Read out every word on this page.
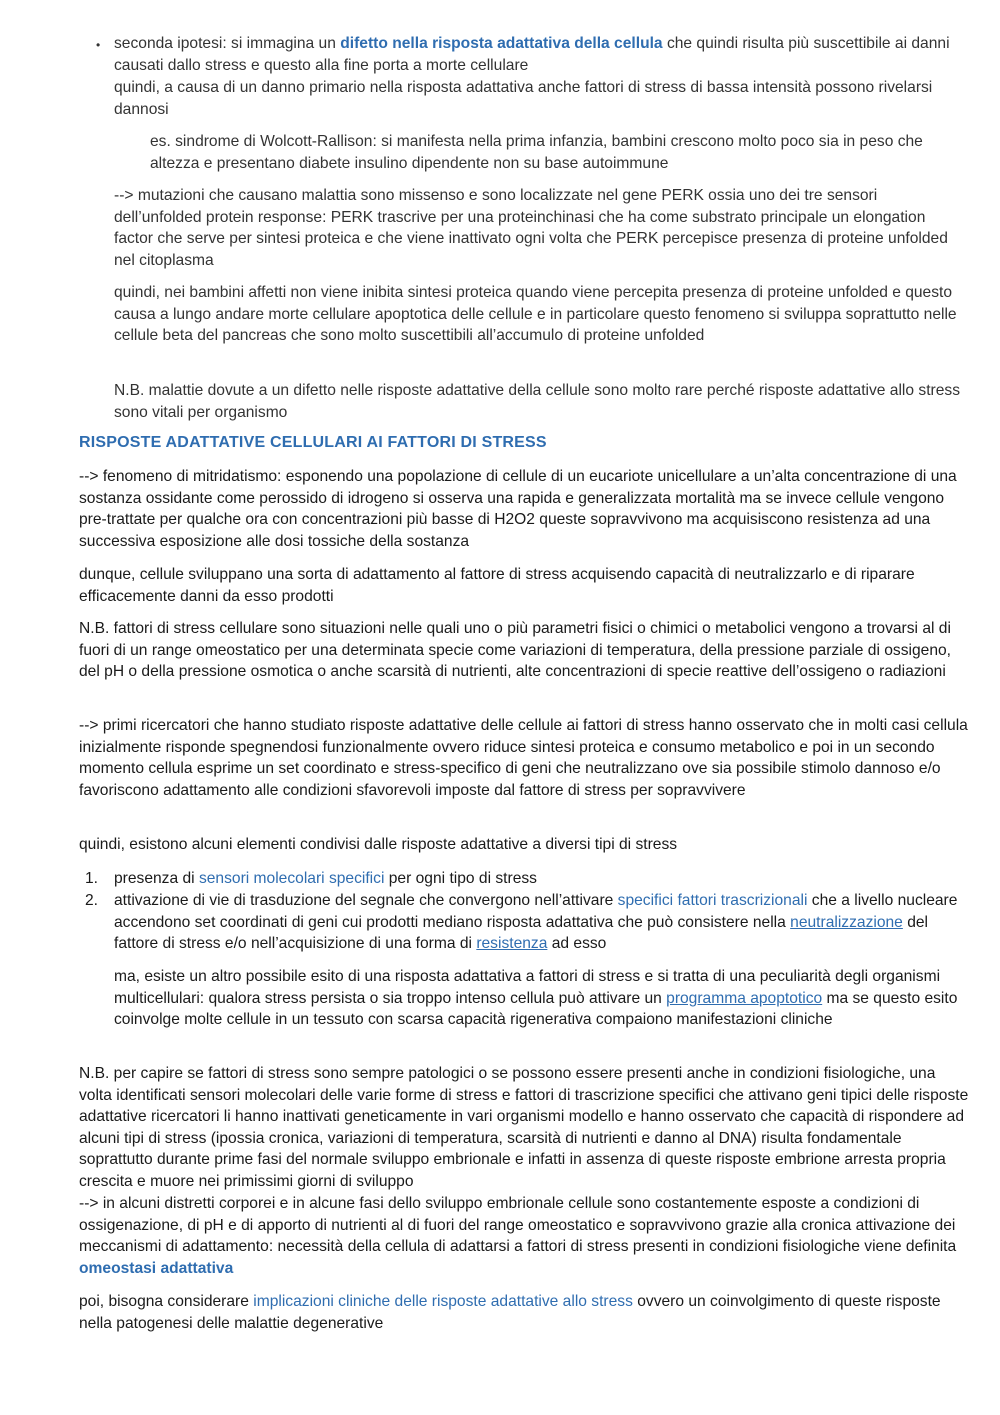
• seconda ipotesi: si immagina un difetto nella risposta adattativa della cellula che quindi risulta più suscettibile ai danni causati dallo stress e questo alla fine porta a morte cellulare

quindi, a causa di un danno primario nella risposta adattativa anche fattori di stress di bassa intensità possono rivelarsi dannosi

es. sindrome di Wolcott-Rallison: si manifesta nella prima infanzia, bambini crescono molto poco sia in peso che altezza e presentano diabete insulino dipendente non su base autoimmune

--> mutazioni che causano malattia sono missenso e sono localizzate nel gene PERK ossia uno dei tre sensori dell’unfolded protein response: PERK trascrive per una proteinchinasi che ha come substrato principale un elongation factor che serve per sintesi proteica e che viene inattivato ogni volta che PERK percepisce presenza di proteine unfolded nel citoplasma

quindi, nei bambini affetti non viene inibita sintesi proteica quando viene percepita presenza di proteine unfolded e questo causa a lungo andare morte cellulare apoptotica delle cellule e in particolare questo fenomeno si sviluppa soprattutto nelle cellule beta del pancreas che sono molto suscettibili all’accumulo di proteine unfolded

N.B. malattie dovute a un difetto nelle risposte adattative della cellule sono molto rare perché risposte adattative allo stress sono vitali per organismo

RISPOSTE ADATTATIVE CELLULARI AI FATTORI DI STRESS

--> fenomeno di mitridatismo: esponendo una popolazione di cellule di un eucariote unicellulare a un’alta concentrazione di una sostanza ossidante come perossido di idrogeno si osserva una rapida e generalizzata mortalità ma se invece cellule vengono pre-trattate per qualche ora con concentrazioni più basse di H2O2 queste sopravvivono ma acquisiscono resistenza ad una successiva esposizione alle dosi tossiche della sostanza

dunque, cellule sviluppano una sorta di adattamento al fattore di stress acquisendo capacità di neutralizzarlo e di riparare efficacemente danni da esso prodotti

N.B. fattori di stress cellulare sono situazioni nelle quali uno o più parametri fisici o chimici o metabolici vengono a trovarsi al di fuori di un range omeostatico per una determinata specie come variazioni di temperatura, della pressione parziale di ossigeno, del pH o della pressione osmotica o anche scarsità di nutrienti, alte concentrazioni di specie reattive dell’ossigeno o radiazioni

--> primi ricercatori che hanno studiato risposte adattative delle cellule ai fattori di stress hanno osservato che in molti casi cellula inizialmente risponde spegnendosi funzionalmente ovvero riduce sintesi proteica e consumo metabolico e poi in un secondo momento cellula esprime un set coordinato e stress-specifico di geni che neutralizzano ove sia possibile stimolo dannoso e/o favoriscono adattamento alle condizioni sfavorevoli imposte dal fattore di stress per sopravvivere

quindi, esistono alcuni elementi condivisi dalle risposte adattative a diversi tipi di stress

1. presenza di sensori molecolari specifici per ogni tipo di stress

2. attivazione di vie di trasduzione del segnale che convergono nell’attivare specifici fattori trascrizionali che a livello nucleare accendono set coordinati di geni cui prodotti mediano risposta adattativa che può consistere nella neutralizzazione del fattore di stress e/o nell’acquisizione di una forma di resistenza ad esso

ma, esiste un altro possibile esito di una risposta adattativa a fattori di stress e si tratta di una peculiarità degli organismi multicellulari: qualora stress persista o sia troppo intenso cellula può attivare un programma apoptotico ma se questo esito coinvolge molte cellule in un tessuto con scarsa capacità rigenerativa compaiono manifestazioni cliniche

N.B. per capire se fattori di stress sono sempre patologici o se possono essere presenti anche in condizioni fisiologiche, una volta identificati sensori molecolari delle varie forme di stress e fattori di trascrizione specifici che attivano geni tipici delle risposte adattative ricercatori li hanno inattivati geneticamente in vari organismi modello e hanno osservato che capacità di rispondere ad alcuni tipi di stress (ipossia cronica, variazioni di temperatura, scarsità di nutrienti e danno al DNA) risulta fondamentale soprattutto durante prime fasi del normale sviluppo embrionale e infatti in assenza di queste risposte embrione arresta propria crescita e muore nei primissimi giorni di sviluppo

--> in alcuni distretti corporei e in alcune fasi dello sviluppo embrionale cellule sono costantemente esposte a condizioni di ossigenazione, di pH e di apporto di nutrienti al di fuori del range omeostatico e sopravvivono grazie alla cronica attivazione dei meccanismi di adattamento: necessità della cellula di adattarsi a fattori di stress presenti in condizioni fisiologiche viene definita omeostasi adattativa

poi, bisogna considerare implicazioni cliniche delle risposte adattative allo stress ovvero un coinvolgimento di queste risposte nella patogenesi delle malattie degenerative
